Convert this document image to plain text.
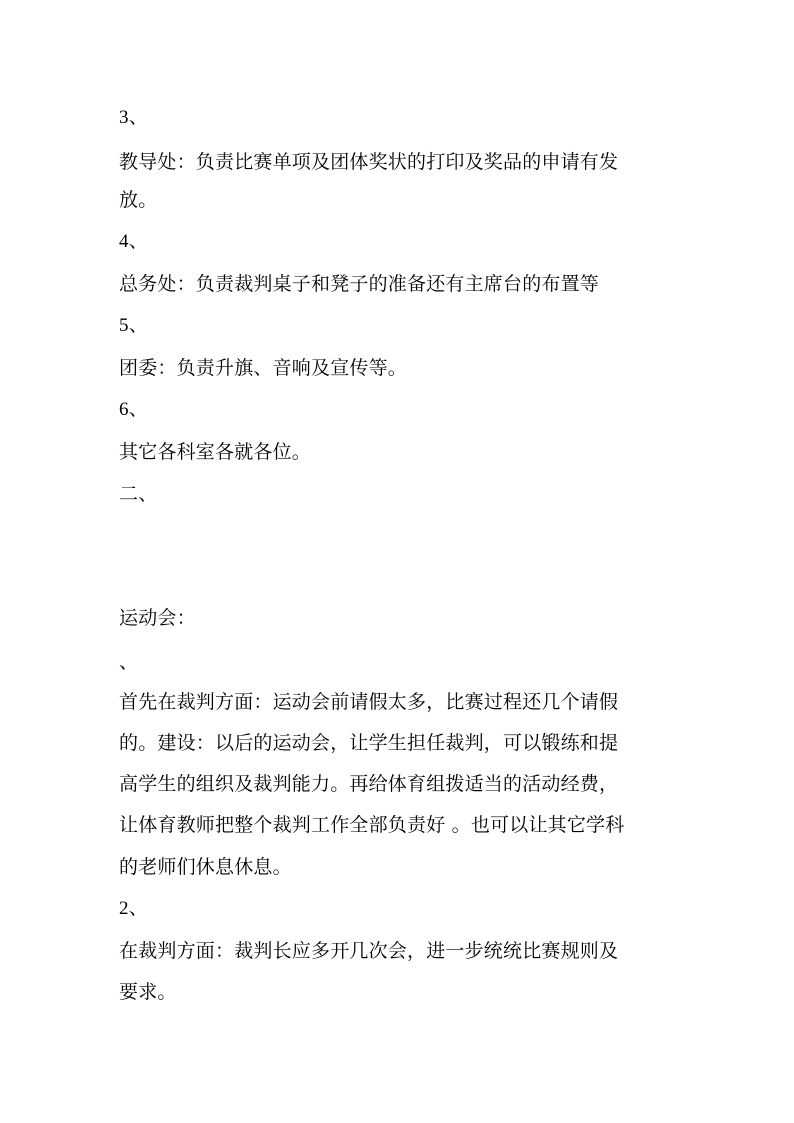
3、
教导处：负责比赛单项及团体奖状的打印及奖品的申请有发
放。
4、
总务处：负责裁判桌子和凳子的准备还有主席台的布置等
5、
团委：负责升旗、音响及宣传等。
6、
其它各科室各就各位。
二、
运动会：
、
首先在裁判方面：运动会前请假太多，比赛过程还几个请假
的。建设：以后的运动会，让学生担任裁判，可以锻练和提
高学生的组织及裁判能力。再给体育组拨适当的活动经费，
让体育教师把整个裁判工作全部负责好 。也可以让其它学科
的老师们休息休息。
2、
在裁判方面：裁判长应多开几次会，进一步统统比赛规则及
要求。
